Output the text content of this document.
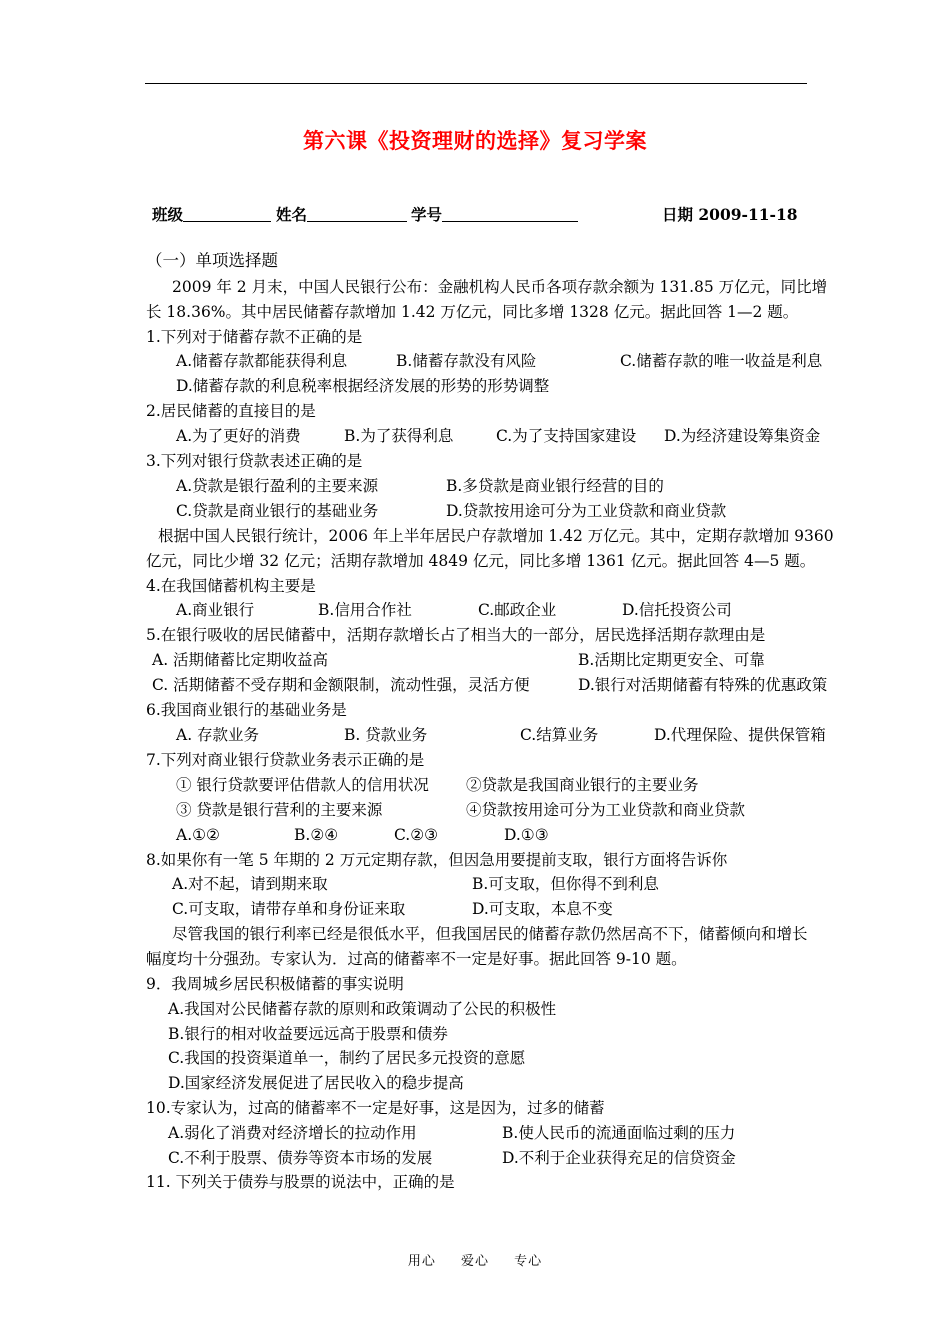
第六课《投资理财的选择》复习学案
班级	姓名	学号	日期 2009-11-18
（一）单项选择题
2009 年 2 月末，中国人民银行公布：金融机构人民币各项存款余额为 131.85 万亿元，同比增
长 18.36%。其中居民储蓄存款增加 1.42 万亿元，同比多增 1328 亿元。据此回答 1—2 题。
1.下列对于储蓄存款不正确的是
A.储蓄存款都能获得利息	B.储蓄存款没有风险	C.储蓄存款的唯一收益是利息
D.储蓄存款的利息税率根据经济发展的形势的形势调整
2.居民储蓄的直接目的是
A.为了更好的消费	B.为了获得利息	C.为了支持国家建设 D.为经济建设筹集资金
3.下列对银行贷款表述正确的是
A.贷款是银行盈利的主要来源	B.多贷款是商业银行经营的目的
C.贷款是商业银行的基础业务	D.贷款按用途可分为工业贷款和商业贷款
根据中国人民银行统计，2006 年上半年居民户存款增加 1.42 万亿元。其中，定期存款增加 9360
亿元，同比少增 32 亿元；活期存款增加 4849 亿元，同比多增 1361 亿元。据此回答 4—5 题。
4.在我国储蓄机构主要是
A.商业银行	B.信用合作社	C.邮政企业	D.信托投资公司
5.在银行吸收的居民储蓄中，活期存款增长占了相当大的一部分，居民选择活期存款理由是
A. 活期储蓄比定期收益高	B.活期比定期更安全、可靠
C. 活期储蓄不受存期和金额限制，流动性强，灵活方便	D.银行对活期储蓄有特殊的优惠政策
6.我国商业银行的基础业务是
A. 存款业务	B. 贷款业务	C.结算业务	D.代理保险、提供保管箱
7.下列对商业银行贷款业务表示正确的是
① 银行贷款要评估借款人的信用状况 ②贷款是我国商业银行的主要业务
③ 贷款是银行营利的主要来源	④贷款按用途可分为工业贷款和商业贷款
A.①②	B.②④	C.②③	D.①③
8.如果你有一笔 5 年期的 2 万元定期存款，但因急用要提前支取，银行方面将告诉你
A.对不起，请到期来取	B.可支取，但你得不到利息
C.可支取，请带存单和身份证来取	D.可支取，本息不变
尽管我国的银行利率已经是很低水平，但我国居民的储蓄存款仍然居高不下，储蓄倾向和增长
幅度均十分强劲。专家认为．过高的储蓄率不一定是好事。据此回答 9-10 题。
9．我周城乡居民积极储蓄的事实说明
A.我国对公民储蓄存款的原则和政策调动了公民的积极性
B.银行的相对收益要远远高于股票和债券
C.我国的投资渠道单一，制约了居民多元投资的意愿
D.国家经济发展促进了居民收入的稳步提高
10.专家认为，过高的储蓄率不一定是好事，这是因为，过多的储蓄
A.弱化了消费对经济增长的拉动作用	B.使人民币的流通面临过剩的压力
C.不利于股票、债券等资本市场的发展	D.不利于企业获得充足的信贷资金
11. 下列关于债券与股票的说法中，正确的是
用心 爱心 专心
